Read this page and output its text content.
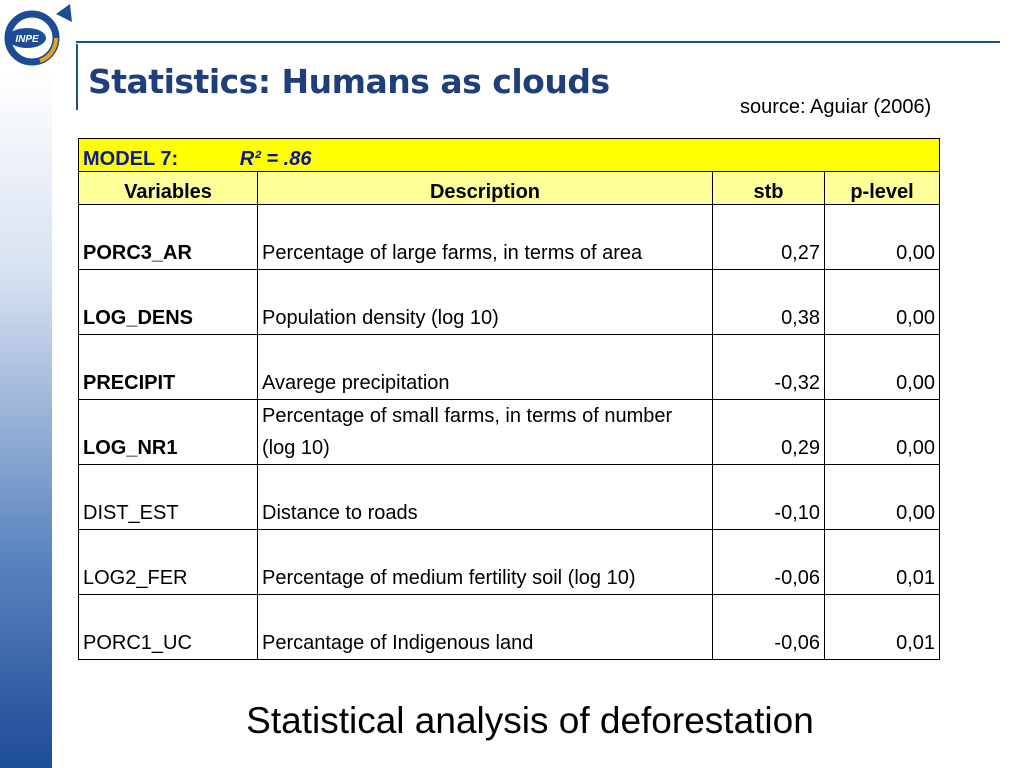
INPE
Statistics: Humans as clouds
source: Aguiar (2006)
MODEL 7: R² = .86			
Variables	Description	stb	p-level
PORC3_AR	Percentage of large farms, in terms of area	0,27	0,00
LOG_DENS	Population density (log 10)	0,38	0,00
PRECIPIT	Avarege precipitation	-0,32	0,00
LOG_NR1	Percentage of small farms, in terms of number (log 10)	0,29	0,00
DIST_EST	Distance to roads	-0,10	0,00
LOG2_FER	Percentage of medium fertility soil (log 10)	-0,06	0,01
PORC1_UC	Percantage of Indigenous land	-0,06	0,01
Statistical analysis of deforestation
